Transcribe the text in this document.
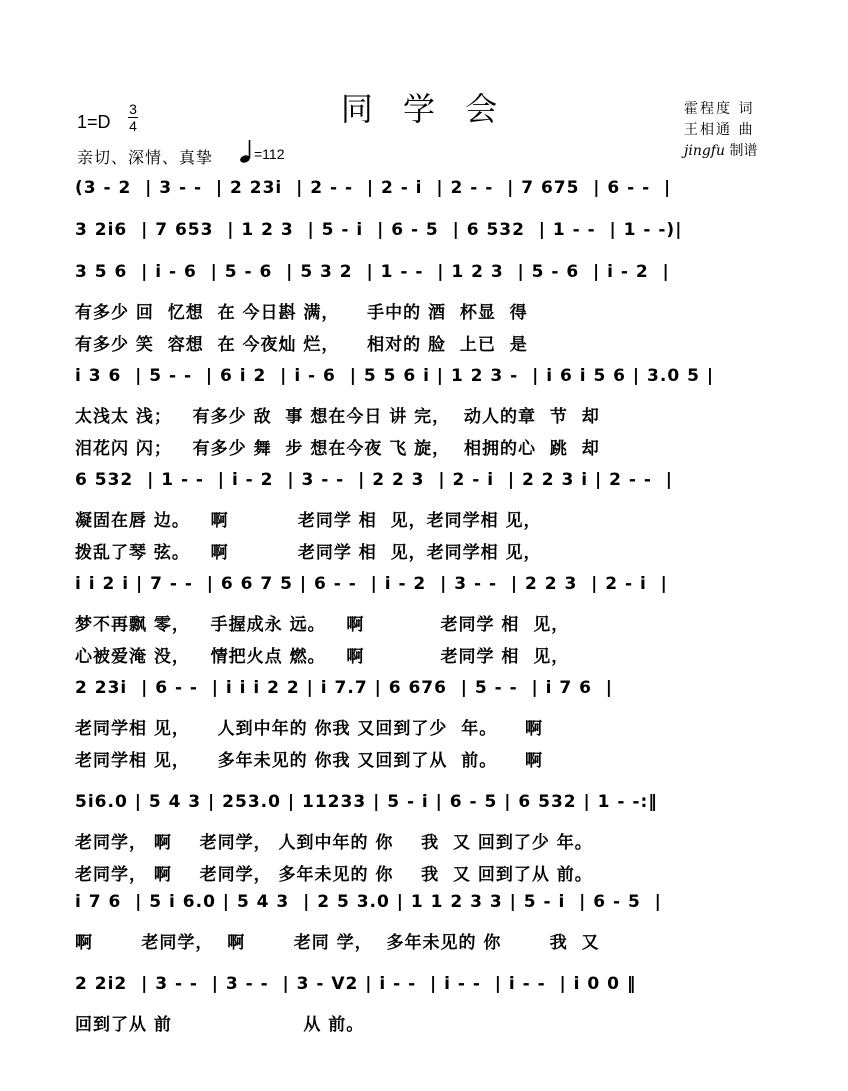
同 学 会
1=D
3
4
亲切、深情、真挚	=112
霍程度 词
王相通 曲
jingfu 制谱
(3 - 2  | 3 - -  | 2 23i  | 2 - -  | 2 - i  | 2 - -  | 7 675  | 6 - -  |
3 2i6  | 7 653  | 1 2 3  | 5 - i  | 6 - 5  | 6 532  | 1 - -  | 1 - -)|
3 5 6  | i - 6  | 5 - 6  | 5 3 2  | 1 - -  | 1 2 3  | 5 - 6  | i - 2  |
有多少 回  忆想  在 今日斟 满，    手中的 酒  杯显  得
有多少 笑  容想  在 今夜灿 烂，    相对的 脸  上已  是
i 3 6  | 5 - -  | 6 i 2  | i - 6  | 5 5 6 i | 1 2 3 -  | i 6 i 5 6 | 3.0 5 |
太浅太 浅；   有多少 敌  事 想在今日 讲 完，  动人的章  节  却
泪花闪 闪；   有多少 舞  步 想在今夜 飞 旋，  相拥的心  跳  却
6 532  | 1 - -  | i - 2  | 3 - -  | 2 2 3  | 2 - i  | 2 2 3 i | 2 - -  |
凝固在唇 边。   啊          老同学 相  见，老同学相 见，
拨乱了琴 弦。   啊          老同学 相  见，老同学相 见，
i i 2 i | 7 - -  | 6 6 7 5 | 6 - -  | i - 2  | 3 - -  | 2 2 3  | 2 - i  |
梦不再飘 零，   手握成永 远。   啊           老同学 相  见，
心被爱淹 没，   情把火点 燃。   啊           老同学 相  见，
2 23i  | 6 - -  | i i i 2 2 | i 7.7 | 6 676  | 5 - -  | i 7 6  |
老同学相 见，    人到中年的 你我 又回到了少  年。    啊
老同学相 见，    多年未见的 你我 又回到了从  前。    啊
5i6.0 | 5 4 3 | 253.0 | 11233 | 5 - i | 6 - 5 | 6 532 | 1 - -:‖
老同学， 啊    老同学， 人到中年的 你    我  又 回到了少 年。
老同学， 啊    老同学， 多年未见的 你    我  又 回到了从 前。
i 7 6  | 5 i 6.0 | 5 4 3  | 2 5 3.0 | 1 1 2 3 3 | 5 - i  | 6 - 5  |
啊       老同学，  啊       老同 学，  多年未见的 你       我  又
2 2i2  | 3 - -  | 3 - -  | 3 - V2 | i - -  | i - -  | i - -  | i 0 0 ‖
回到了从 前                   从 前。
